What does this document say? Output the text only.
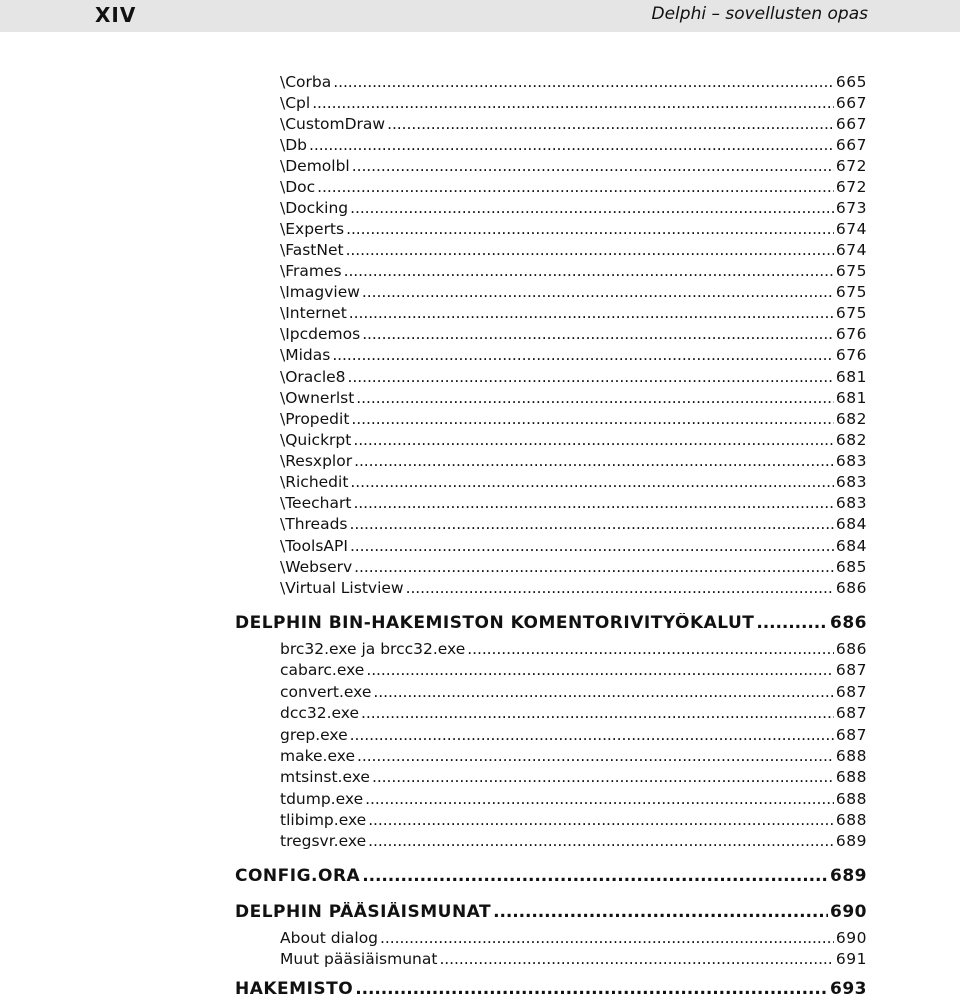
XIV	Delphi – sovellusten opas
\Corba . . .	665
\Cpl . . .	667
\CustomDraw . . .	667
\Db . . .	667
\Demolbl . . .	672
\Doc . . .	672
\Docking . . .	673
\Experts . . .	674
\FastNet . . .	674
\Frames . . .	675
\Imagview . . .	675
\Internet . . .	675
\Ipcdemos . . .	676
\Midas . . .	676
\Oracle8 . . .	681
\Ownerlst . . .	681
\Propedit . . .	682
\Quickrpt . . .	682
\Resxplor . . .	683
\Richedit . . .	683
\Teechart . . .	683
\Threads . . .	684
\ToolsAPI . . .	684
\Webserv . . .	685
\Virtual Listview . . .	686
DELPHIN BIN-HAKEMISTON KOMENTORIVITYÖKALUT . . .	686
brc32.exe ja brcc32.exe . . .	686
cabarc.exe . . .	687
convert.exe . . .	687
dcc32.exe . . .	687
grep.exe . . .	687
make.exe . . .	688
mtsinst.exe . . .	688
tdump.exe . . .	688
tlibimp.exe . . .	688
tregsvr.exe . . .	689
CONFIG.ORA . . .	689
DELPHIN PÄÄSIÄISMUNAT . . .	690
About dialog . . .	690
Muut pääsiäismunat . . .	691
HAKEMISTO . . .	693
